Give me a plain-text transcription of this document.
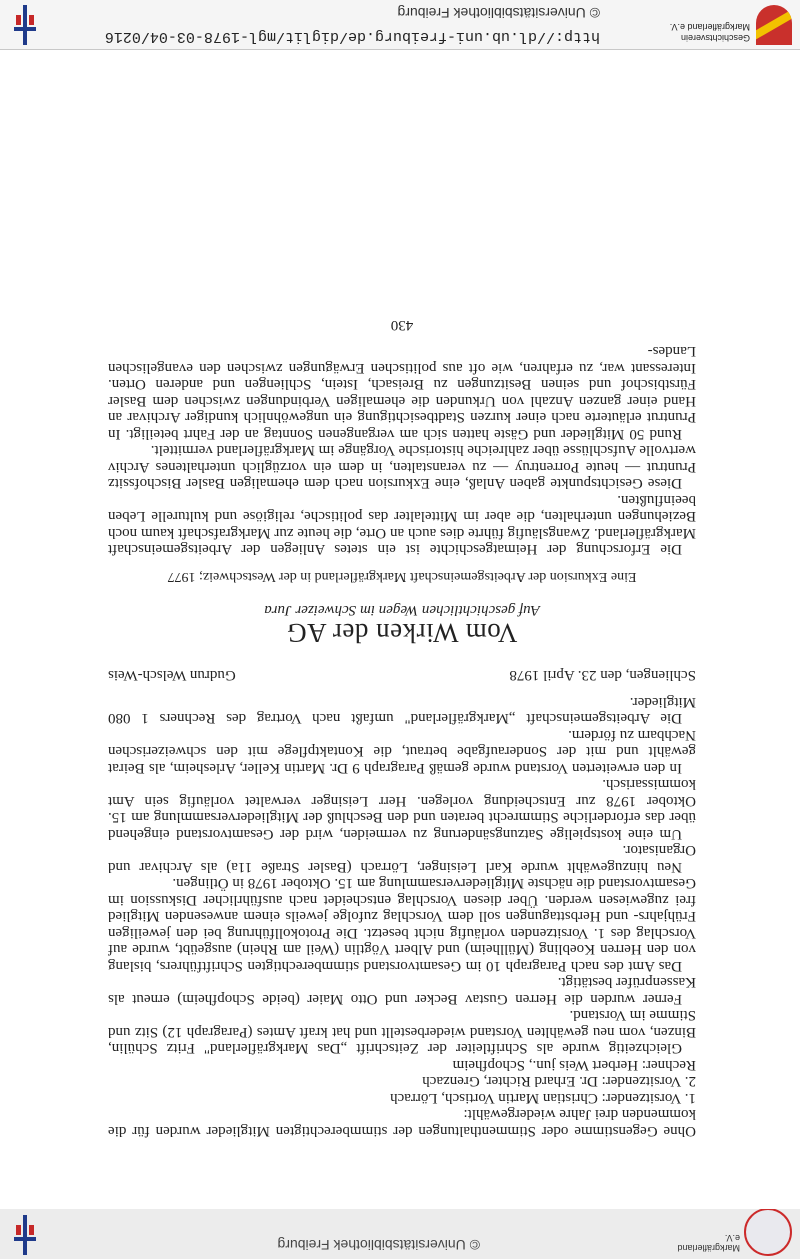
Markgräflerland e.V.
© Universitätsbibliothek Freiburg

Ohne Gegenstimme oder Stimmenthaltungen der stimmberechtigten Mitglieder wurden für die kommenden drei Jahre wiedergewählt:

1. Vorsitzender: Christian Martin Vortisch, Lörrach

2. Vorsitzender: Dr. Erhard Richter, Grenzach

Rechner: Herbert Weis jun., Schopfheim

Gleichzeitig wurde als Schriftleiter der Zeitschrift „Das Markgräflerland" Fritz Schülin, Binzen, vom neu gewählten Vorstand wiederbestellt und hat kraft Amtes (Paragraph 12) Sitz und Stimme im Vorstand.

Ferner wurden die Herren Gustav Becker und Otto Maier (beide Schopfheim) erneut als Kassenprüfer bestätigt.

Das Amt des nach Paragraph 10 im Gesamtvorstand stimmberechtigten Schriftführers, bislang von den Herren Koebling (Müllheim) und Albert Vögtlin (Weil am Rhein) ausgeübt, wurde auf Vorschlag des 1. Vorsitzenden vorläufig nicht besetzt. Die Protokollführung bei den jeweiligen Frühjahrs- und Herbsttagungen soll dem Vorschlag zufolge jeweils einem anwesenden Mitglied frei zugewiesen werden. Über diesen Vorschlag entscheidet nach ausführlicher Diskussion im Gesamtvorstand die nächste Mitgliederversammlung am 15. Oktober 1978 in Ötlingen.

Neu hinzugewählt wurde Karl Leisinger, Lörrach (Basler Straße 11a) als Archivar und Organisator.

Um eine kostspielige Satzungsänderung zu vermeiden, wird der Gesamtvorstand eingehend über das erforderliche Stimmrecht beraten und den Beschluß der Mitgliederversammlung am 15. Oktober 1978 zur Entscheidung vorlegen. Herr Leisinger verwaltet vorläufig sein Amt kommissarisch.

In den erweiterten Vorstand wurde gemäß Paragraph 9 Dr. Martin Keller, Arlesheim, als Beirat gewählt und mit der Sonderaufgabe betraut, die Kontaktpflege mit den schweizerischen Nachbarn zu fördern.

Die Arbeitsgemeinschaft „Markgräflerland" umfaßt nach Vortrag des Rechners 1 080 Mitglieder.

Schliengen, den 23. April 1978
Gudrun Welsch-Weis
Vom Wirken der AG
Auf geschichtlichen Wegen im Schweizer Jura
Eine Exkursion der Arbeitsgemeinschaft Markgräflerland in der Westschweiz; 1977

Die Erforschung der Heimatgeschichte ist ein stetes Anliegen der Arbeitsgemeinschaft Markgräflerland. Zwangsläufig führte dies auch an Orte, die heute zur Markgrafschaft kaum noch Beziehungen unterhalten, die aber im Mittelalter das politische, religiöse und kulturelle Leben beeinflußten.

Diese Gesichtspunkte gaben Anlaß, eine Exkursion nach dem ehemaligen Basler Bischofssitz Pruntrut — heute Porrentruy — zu veranstalten, in dem ein vorzüglich unterhaltenes Archiv wertvolle Aufschlüsse über zahlreiche historische Vorgänge im Markgräflerland vermittelt.

Rund 50 Mitglieder und Gäste hatten sich am vergangenen Sonntag an der Fahrt beteiligt. In Pruntrut erläuterte nach einer kurzen Stadtbesichtigung ein ungewöhnlich kundiger Archivar an Hand einer ganzen Anzahl von Urkunden die ehemaligen Verbindungen zwischen dem Basler Fürstbischof und seinen Besitzungen zu Breisach, Istein, Schliengen und anderen Orten. Interessant war, zu erfahren, wie oft aus politischen Erwägungen zwischen den evangelischen Landes-

430
Geschichtsverein
Markgräflerland e.V.
http://dl.ub.uni-freiburg.de/diglit/mgl-1978-03-04/0216
© Universitätsbibliothek Freiburg
